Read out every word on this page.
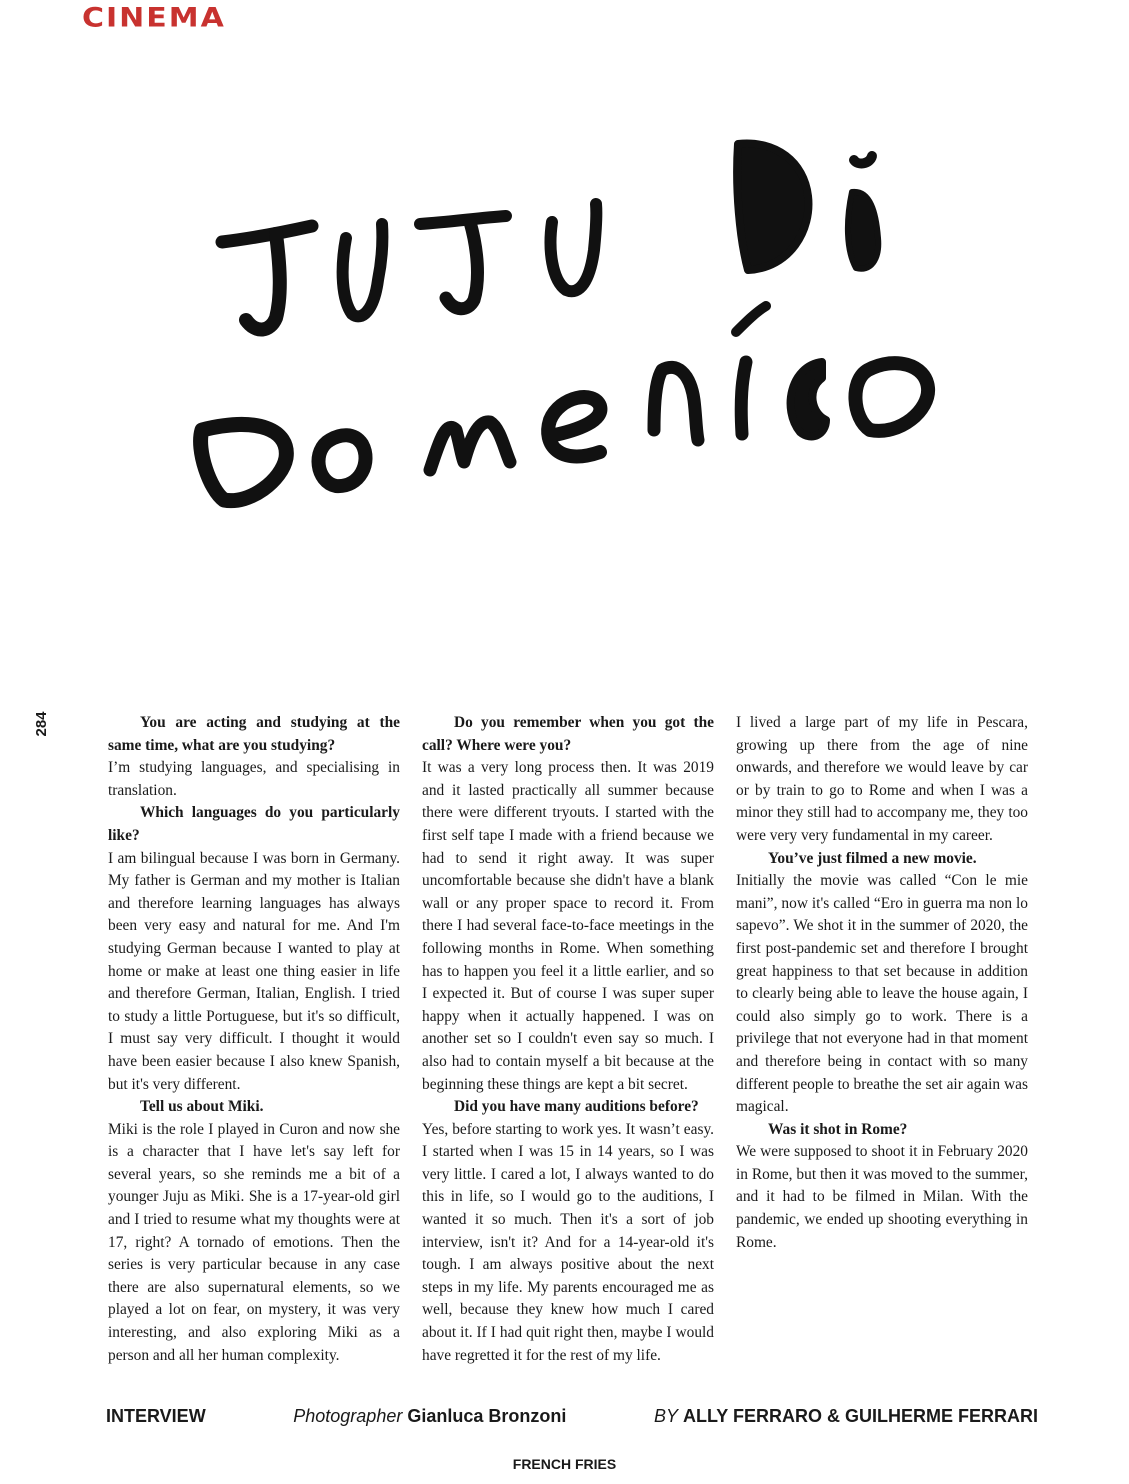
CINEMA
284	You are acting and studying at the same time, what are you studying?

I’m studying languages, and specialising in translation.

Which languages do you particularly like?

I am bilingual because I was born in Germany. My father is German and my mother is Italian and therefore learning languages has always been very easy and natural for me. And I'm studying German because I wanted to play at home or make at least one thing easier in life and therefore German, Italian, English. I tried to study a little Portuguese, but it's so difficult, I must say very difficult. I thought it would have been easier because I also knew Spanish, but it's very different.

Tell us about Miki.

Miki is the role I played in Curon and now she is a character that I have let's say left for several years, so she reminds me a bit of a younger Juju as Miki. She is a 17-year-old girl and I tried to resume what my thoughts were at 17, right? A tornado of emotions. Then the series is very particular because in any case there are also supernatural elements, so we played a lot on fear, on mystery, it was very interesting, and also exploring Miki as a person and all her human complexity.

Do you remember when you got the call? Where were you?

It was a very long process then. It was 2019 and it lasted practically all summer because there were different tryouts. I started with the first self tape I made with a friend because we had to send it right away. It was super uncomfortable because she didn't have a blank wall or any proper space to record it. From there I had several face-to-face meetings in the following months in Rome. When something has to happen you feel it a little earlier, and so I expected it. But of course I was super super happy when it actually happened. I was on another set so I couldn't even say so much. I also had to contain myself a bit because at the beginning these things are kept a bit secret.

Did you have many auditions before?

Yes, before starting to work yes. It wasn’t easy. I started when I was 15 in 14 years, so I was very little. I cared a lot, I always wanted to do this in life, so I would go to the auditions, I wanted it so much. Then it's a sort of job interview, isn't it? And for a 14-year-old it's tough. I am always positive about the next steps in my life. My parents encouraged me as well, because they knew how much I cared about it. If I had quit right then, maybe I would have regretted it for the rest of my life.

I lived a large part of my life in Pescara, growing up there from the age of nine onwards, and therefore we would leave by car or by train to go to Rome and when I was a minor they still had to accompany me, they too were very very fundamental in my career.

You’ve just filmed a new movie.

Initially the movie was called “Con le mie mani”, now it's called “Ero in guerra ma non lo sapevo”. We shot it in the summer of 2020, the first post-pandemic set and therefore I brought great happiness to that set because in addition to clearly being able to leave the house again, I could also simply go to work. There is a privilege that not everyone had in that moment and therefore being in contact with so many different people to breathe the set air again was magical.

Was it shot in Rome?

We were supposed to shoot it in February 2020 in Rome, but then it was moved to the summer, and it had to be filmed in Milan. With the pandemic, we ended up shooting everything in Rome.

INTERVIEW	Photographer Gianluca Bronzoni	BY ALLY FERRARO & GUILHERME FERRARI
FRENCH FRIES
